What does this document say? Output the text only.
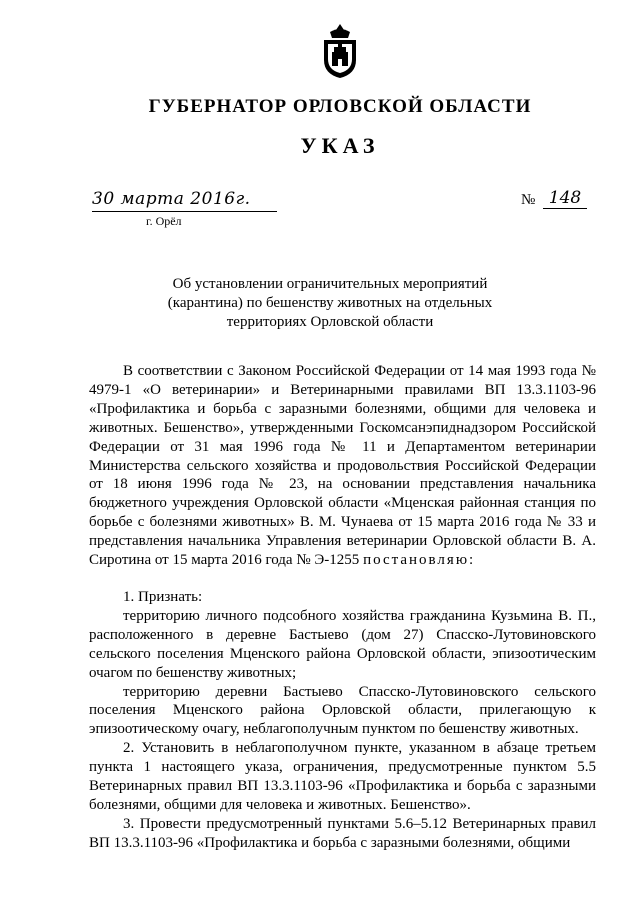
ГУБЕРНАТОР ОРЛОВСКОЙ ОБЛАСТИ
УКАЗ
30 марта 2016г.
г. Орёл
№ 148
Об установлении ограничительных мероприятий (карантина) по бешенству животных на отдельных территориях Орловской области

В соответствии с Законом Российской Федерации от 14 мая 1993 года № 4979-1 «О ветеринарии» и Ветеринарными правилами ВП 13.3.1103-96 «Профилактика и борьба с заразными болезнями, общими для человека и животных. Бешенство», утвержденными Госкомсанэпиднадзором Российской Федерации от 31 мая 1996 года № 11 и Департаментом ветеринарии Министерства сельского хозяйства и продовольствия Российской Федерации от 18 июня 1996 года № 23, на основании представления начальника бюджетного учреждения Орловской области «Мценская районная станция по борьбе с болезнями животных» В. М. Чунаева от 15 марта 2016 года № 33 и представления начальника Управления ветеринарии Орловской области В. А. Сиротина от 15 марта 2016 года № Э-1255 постановляю:

1. Признать:

территорию личного подсобного хозяйства гражданина Кузьмина В. П., расположенного в деревне Бастыево (дом 27) Спасско-Лутовиновского сельского поселения Мценского района Орловской области, эпизоотическим очагом по бешенству животных;

территорию деревни Бастыево Спасско-Лутовиновского сельского поселения Мценского района Орловской области, прилегающую к эпизоотическому очагу, неблагополучным пунктом по бешенству животных.

2. Установить в неблагополучном пункте, указанном в абзаце третьем пункта 1 настоящего указа, ограничения, предусмотренные пунктом 5.5 Ветеринарных правил ВП 13.3.1103-96 «Профилактика и борьба с заразными болезнями, общими для человека и животных. Бешенство».

3. Провести предусмотренный пунктами 5.6–5.12 Ветеринарных правил ВП 13.3.1103-96 «Профилактика и борьба с заразными болезнями, общими
